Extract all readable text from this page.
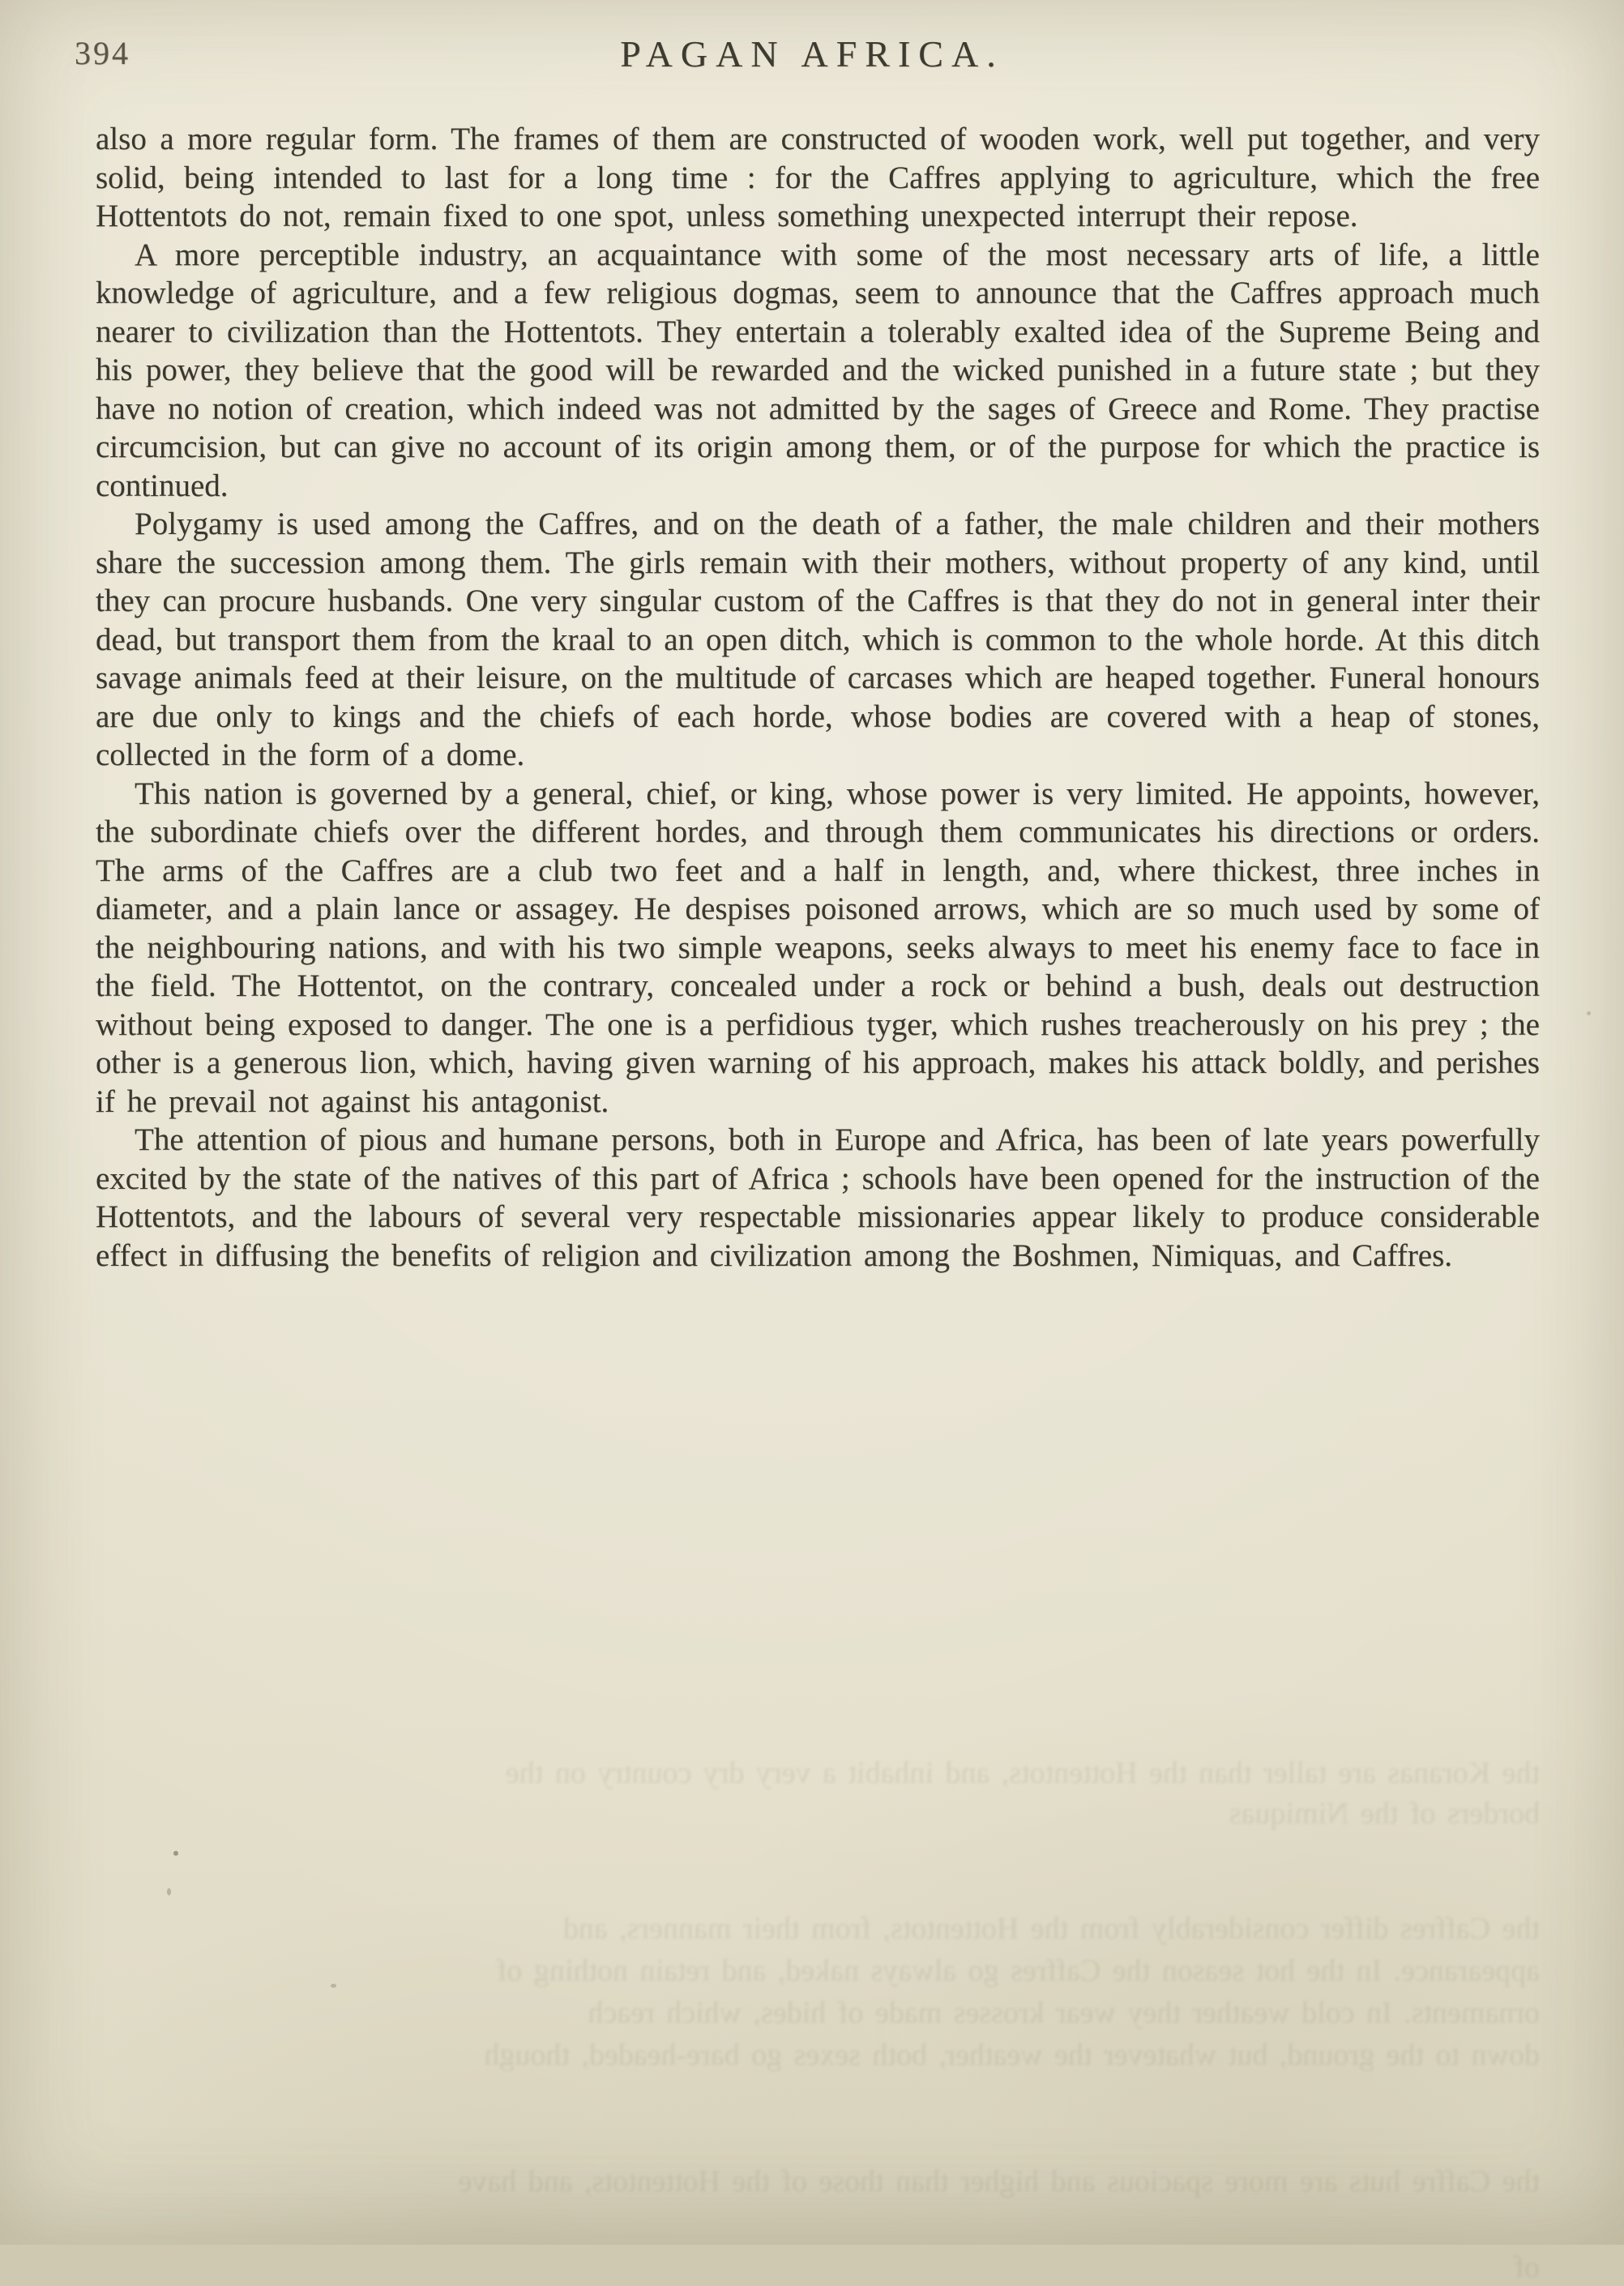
394	PAGAN AFRICA.

also a more regular form. The frames of them are constructed of wooden work, well put together, and very solid, being intended to last for a long time : for the Caffres applying to agriculture, which the free Hottentots do not, remain fixed to one spot, unless something unexpected interrupt their repose.

A more perceptible industry, an acquaintance with some of the most necessary arts of life, a little knowledge of agriculture, and a few religious dogmas, seem to announce that the Caffres approach much nearer to civilization than the Hottentots. They entertain a tolerably exalted idea of the Supreme Being and his power, they believe that the good will be rewarded and the wicked punished in a future state ; but they have no notion of creation, which indeed was not admitted by the sages of Greece and Rome. They practise circumcision, but can give no account of its origin among them, or of the purpose for which the practice is continued.

Polygamy is used among the Caffres, and on the death of a father, the male children and their mothers share the succession among them. The girls remain with their mothers, without property of any kind, until they can procure husbands. One very singular custom of the Caffres is that they do not in general inter their dead, but transport them from the kraal to an open ditch, which is common to the whole horde. At this ditch savage animals feed at their leisure, on the multitude of carcases which are heaped together. Funeral honours are due only to kings and the chiefs of each horde, whose bodies are covered with a heap of stones, collected in the form of a dome.

This nation is governed by a general, chief, or king, whose power is very limited. He appoints, however, the subordinate chiefs over the different hordes, and through them communicates his directions or orders. The arms of the Caffres are a club two feet and a half in length, and, where thickest, three inches in diameter, and a plain lance or assagey. He despises poisoned arrows, which are so much used by some of the neighbouring nations, and with his two simple weapons, seeks always to meet his enemy face to face in the field. The Hottentot, on the contrary, concealed under a rock or behind a bush, deals out destruction without being exposed to danger. The one is a perfidious tyger, which rushes treacherously on his prey ; the other is a generous lion, which, having given warning of his approach, makes his attack boldly, and perishes if he prevail not against his antagonist.

The attention of pious and humane persons, both in Europe and Africa, has been of late years powerfully excited by the state of the natives of this part of Africa ; schools have been opened for the instruction of the Hottentots, and the labours of several very respectable missionaries appear likely to produce considerable effect in diffusing the benefits of religion and civilization among the Boshmen, Nimiquas, and Caffres.

the Koranas are taller than the Hottentots, and inhabit a very dry country on the
borders of the Nimiquas
the Caffres differ considerably from the Hottentots, from their manners, and
appearance. In the hot season the Caffres go always naked, and retain nothing of
ornaments. In cold weather they wear krosses made of hides, which reach
down to the ground, but whatever the weather, both sexes go bare-headed, though
the Caffre huts are more spacious and higher than those of the Hottentots, and have
of
